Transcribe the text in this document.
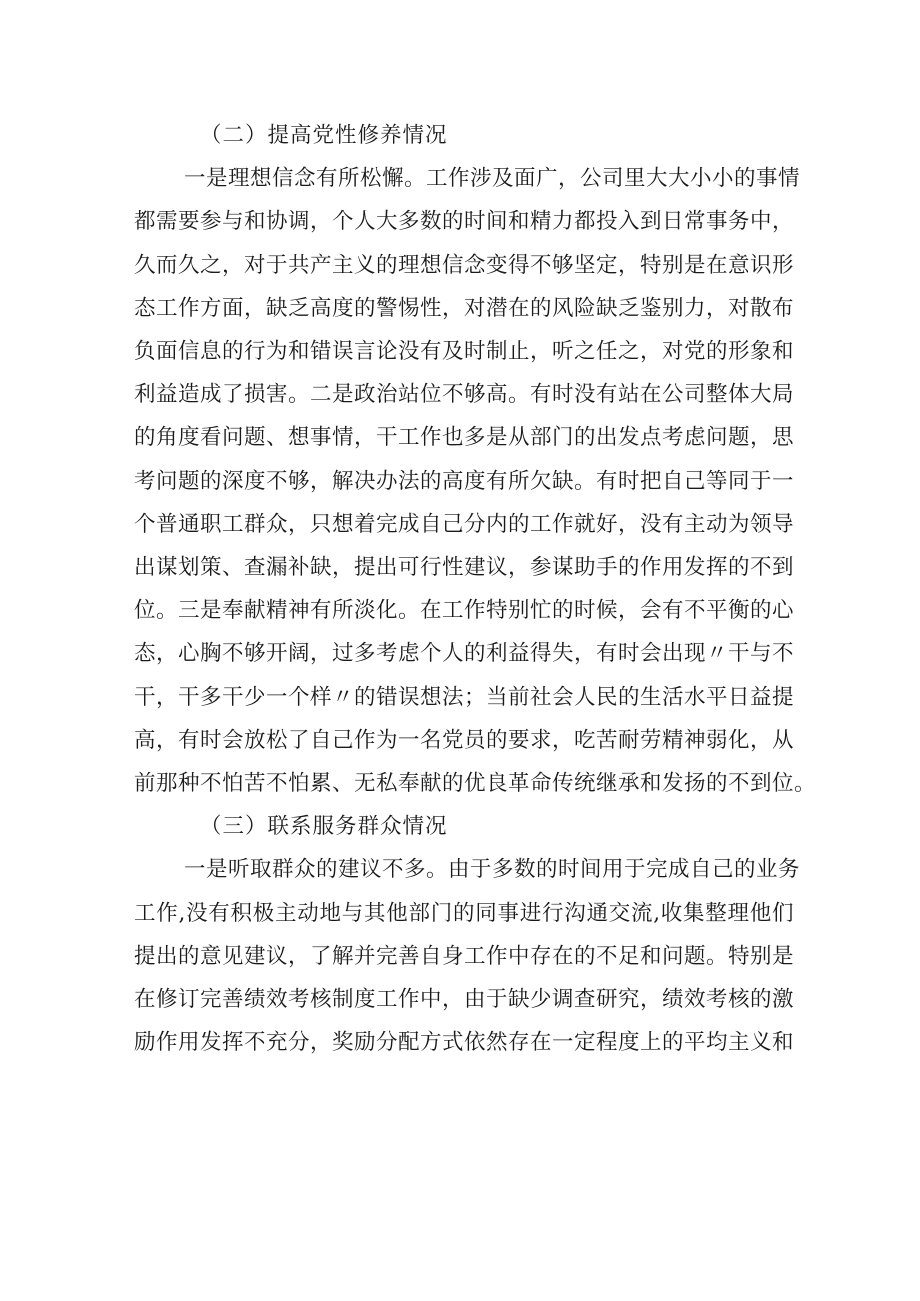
（二）提高党性修养情况

一是理想信念有所松懈。工作涉及面广，公司里大大小小的事情
都需要参与和协调，个人大多数的时间和精力都投入到日常事务中，
久而久之，对于共产主义的理想信念变得不够坚定，特别是在意识形
态工作方面，缺乏高度的警惕性，对潜在的风险缺乏鉴别力，对散布
负面信息的行为和错误言论没有及时制止，听之任之，对党的形象和
利益造成了损害。二是政治站位不够高。有时没有站在公司整体大局
的角度看问题、想事情，干工作也多是从部门的出发点考虑问题，思
考问题的深度不够，解决办法的高度有所欠缺。有时把自己等同于一
个普通职工群众，只想着完成自己分内的工作就好，没有主动为领导
出谋划策、查漏补缺，提出可行性建议，参谋助手的作用发挥的不到
位。三是奉献精神有所淡化。在工作特别忙的时候，会有不平衡的心
态，心胸不够开阔，过多考虑个人的利益得失，有时会出现〃干与不
干，干多干少一个样〃的错误想法；当前社会人民的生活水平日益提
高，有时会放松了自己作为一名党员的要求，吃苦耐劳精神弱化，从
前那种不怕苦不怕累、无私奉献的优良革命传统继承和发扬的不到位。

（三）联系服务群众情况

一是听取群众的建议不多。由于多数的时间用于完成自己的业务
工作,没有积极主动地与其他部门的同事进行沟通交流,收集整理他们
提出的意见建议，了解并完善自身工作中存在的不足和问题。特别是
在修订完善绩效考核制度工作中，由于缺少调查研究，绩效考核的激
励作用发挥不充分，奖励分配方式依然存在一定程度上的平均主义和
